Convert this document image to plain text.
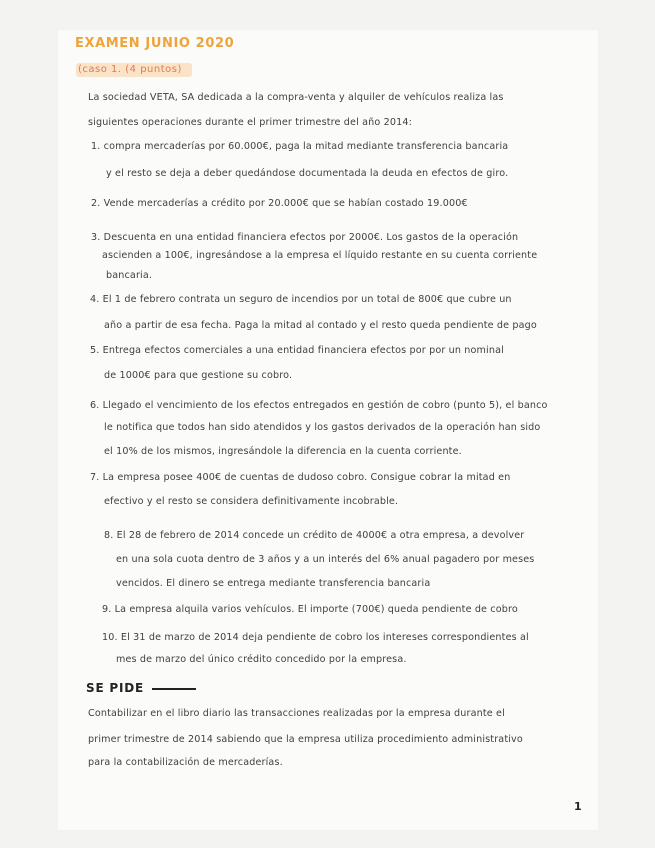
EXAMEN JUNIO 2020
(caso 1. (4 puntos)
La sociedad VETA, SA dedicada a la compra-venta y alquiler de vehículos realiza las
siguientes operaciones durante el primer trimestre del año 2014:
1. compra mercaderías por 60.000€, paga la mitad mediante transferencia bancaria
y el resto se deja a deber quedándose documentada la deuda en efectos de giro.
2. Vende mercaderías a crédito por 20.000€ que se habían costado 19.000€
3. Descuenta en una entidad financiera efectos por 2000€. Los gastos de la operación
ascienden a 100€, ingresándose a la empresa el líquido restante en su cuenta corriente
bancaria.
4. El 1 de febrero contrata un seguro de incendios por un total de 800€ que cubre un
año a partir de esa fecha. Paga la mitad al contado y el resto queda pendiente de pago
5. Entrega efectos comerciales a una entidad financiera efectos por por un nominal
de 1000€ para que gestione su cobro.
6. Llegado el vencimiento de los efectos entregados en gestión de cobro (punto 5), el banco
le notifica que todos han sido atendidos y los gastos derivados de la operación han sido
el 10% de los mismos, ingresándole la diferencia en la cuenta corriente.
7. La empresa posee 400€ de cuentas de dudoso cobro. Consigue cobrar la mitad en
efectivo y el resto se considera definitivamente incobrable.
8. El 28 de febrero de 2014 concede un crédito de 4000€ a otra empresa, a devolver
en una sola cuota dentro de 3 años y a un interés del 6% anual pagadero por meses
vencidos. El dinero se entrega mediante transferencia bancaria
9. La empresa alquila varios vehículos. El importe (700€) queda pendiente de cobro
10. El 31 de marzo de 2014 deja pendiente de cobro los intereses correspondientes al
mes de marzo del único crédito concedido por la empresa.
SE PIDE
Contabilizar en el libro diario las transacciones realizadas por la empresa durante el
primer trimestre de 2014 sabiendo que la empresa utiliza procedimiento administrativo
para la contabilización de mercaderías.
1
